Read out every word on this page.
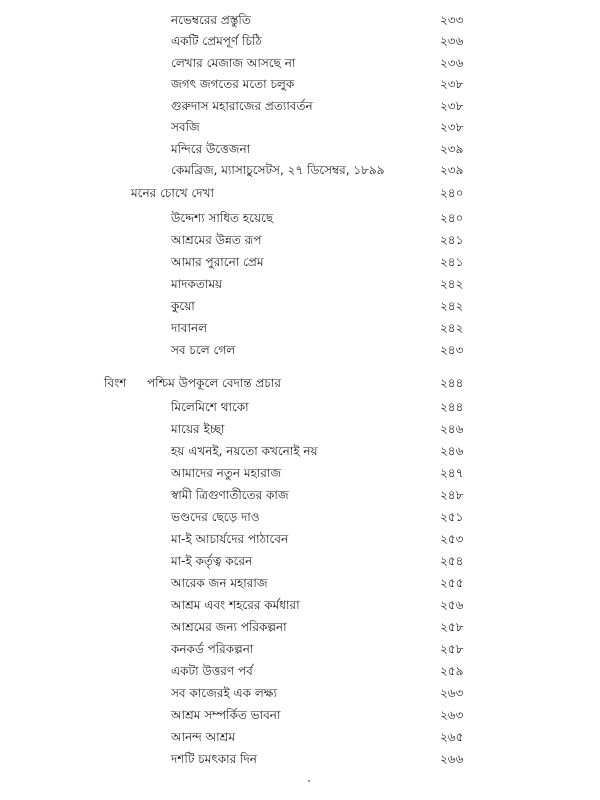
নভেম্বরের প্রস্তুতি	২৩৩
একটি প্রেমপূর্ণ চিঠি	২৩৬
লেখার মেজাজ আসছে না	২৩৬
জগৎ জগতের মতো চলুক	২৩৮
গুরুদাস মহারাজের প্রত্যাবর্তন	২৩৮
সবজি	২৩৮
মন্দিরে উত্তেজনা	২৩৯
কেমব্রিজ, ম্যাসাচুসেটস, ২৭ ডিসেম্বর, ১৮৯৯	২৩৯
মনের চোখে দেখা	২৪০
উদ্দেশ্য সাধিত হয়েছে	২৪০
আশ্রমের উন্নত রূপ	২৪১
আমার পুরানো প্রেম	২৪১
মাদকতাময়	২৪২
কুয়ো	২৪২
দাবানল	২৪২
সব চলে গেল	২৪৩
বিংশ পশ্চিম উপকূলে বেদান্ত প্রচার	২৪৪
মিলেমিশে থাকো	২৪৪
মায়ের ইচ্ছা	২৪৬
হয় এখনই, নয়তো কখনোই নয়	২৪৬
আমাদের নতুন মহারাজ	২৪৭
স্বামী ত্রিগুণাতীতের কাজ	২৪৮
ভণ্ডদের ছেড়ে দাও	২৫১
মা-ই আচার্যদের পাঠাবেন	২৫৩
মা-ই কর্তৃত্ব করেন	২৫৪
আরেক জন মহারাজ	২৫৫
আশ্রম এবং শহরের কর্মধারা	২৫৬
আশ্রমের জন্য পরিকল্পনা	২৫৮
কনকর্ড পরিকল্পনা	২৫৮
একটা উত্তরণ পর্ব	২৫৯
সব কাজেরই এক লক্ষ্য	২৬৩
আশ্রম সম্পর্কিত ভাবনা	২৬৩
আনন্দ আশ্রম	২৬৫
দশটি চমৎকার দিন	২৬৬
